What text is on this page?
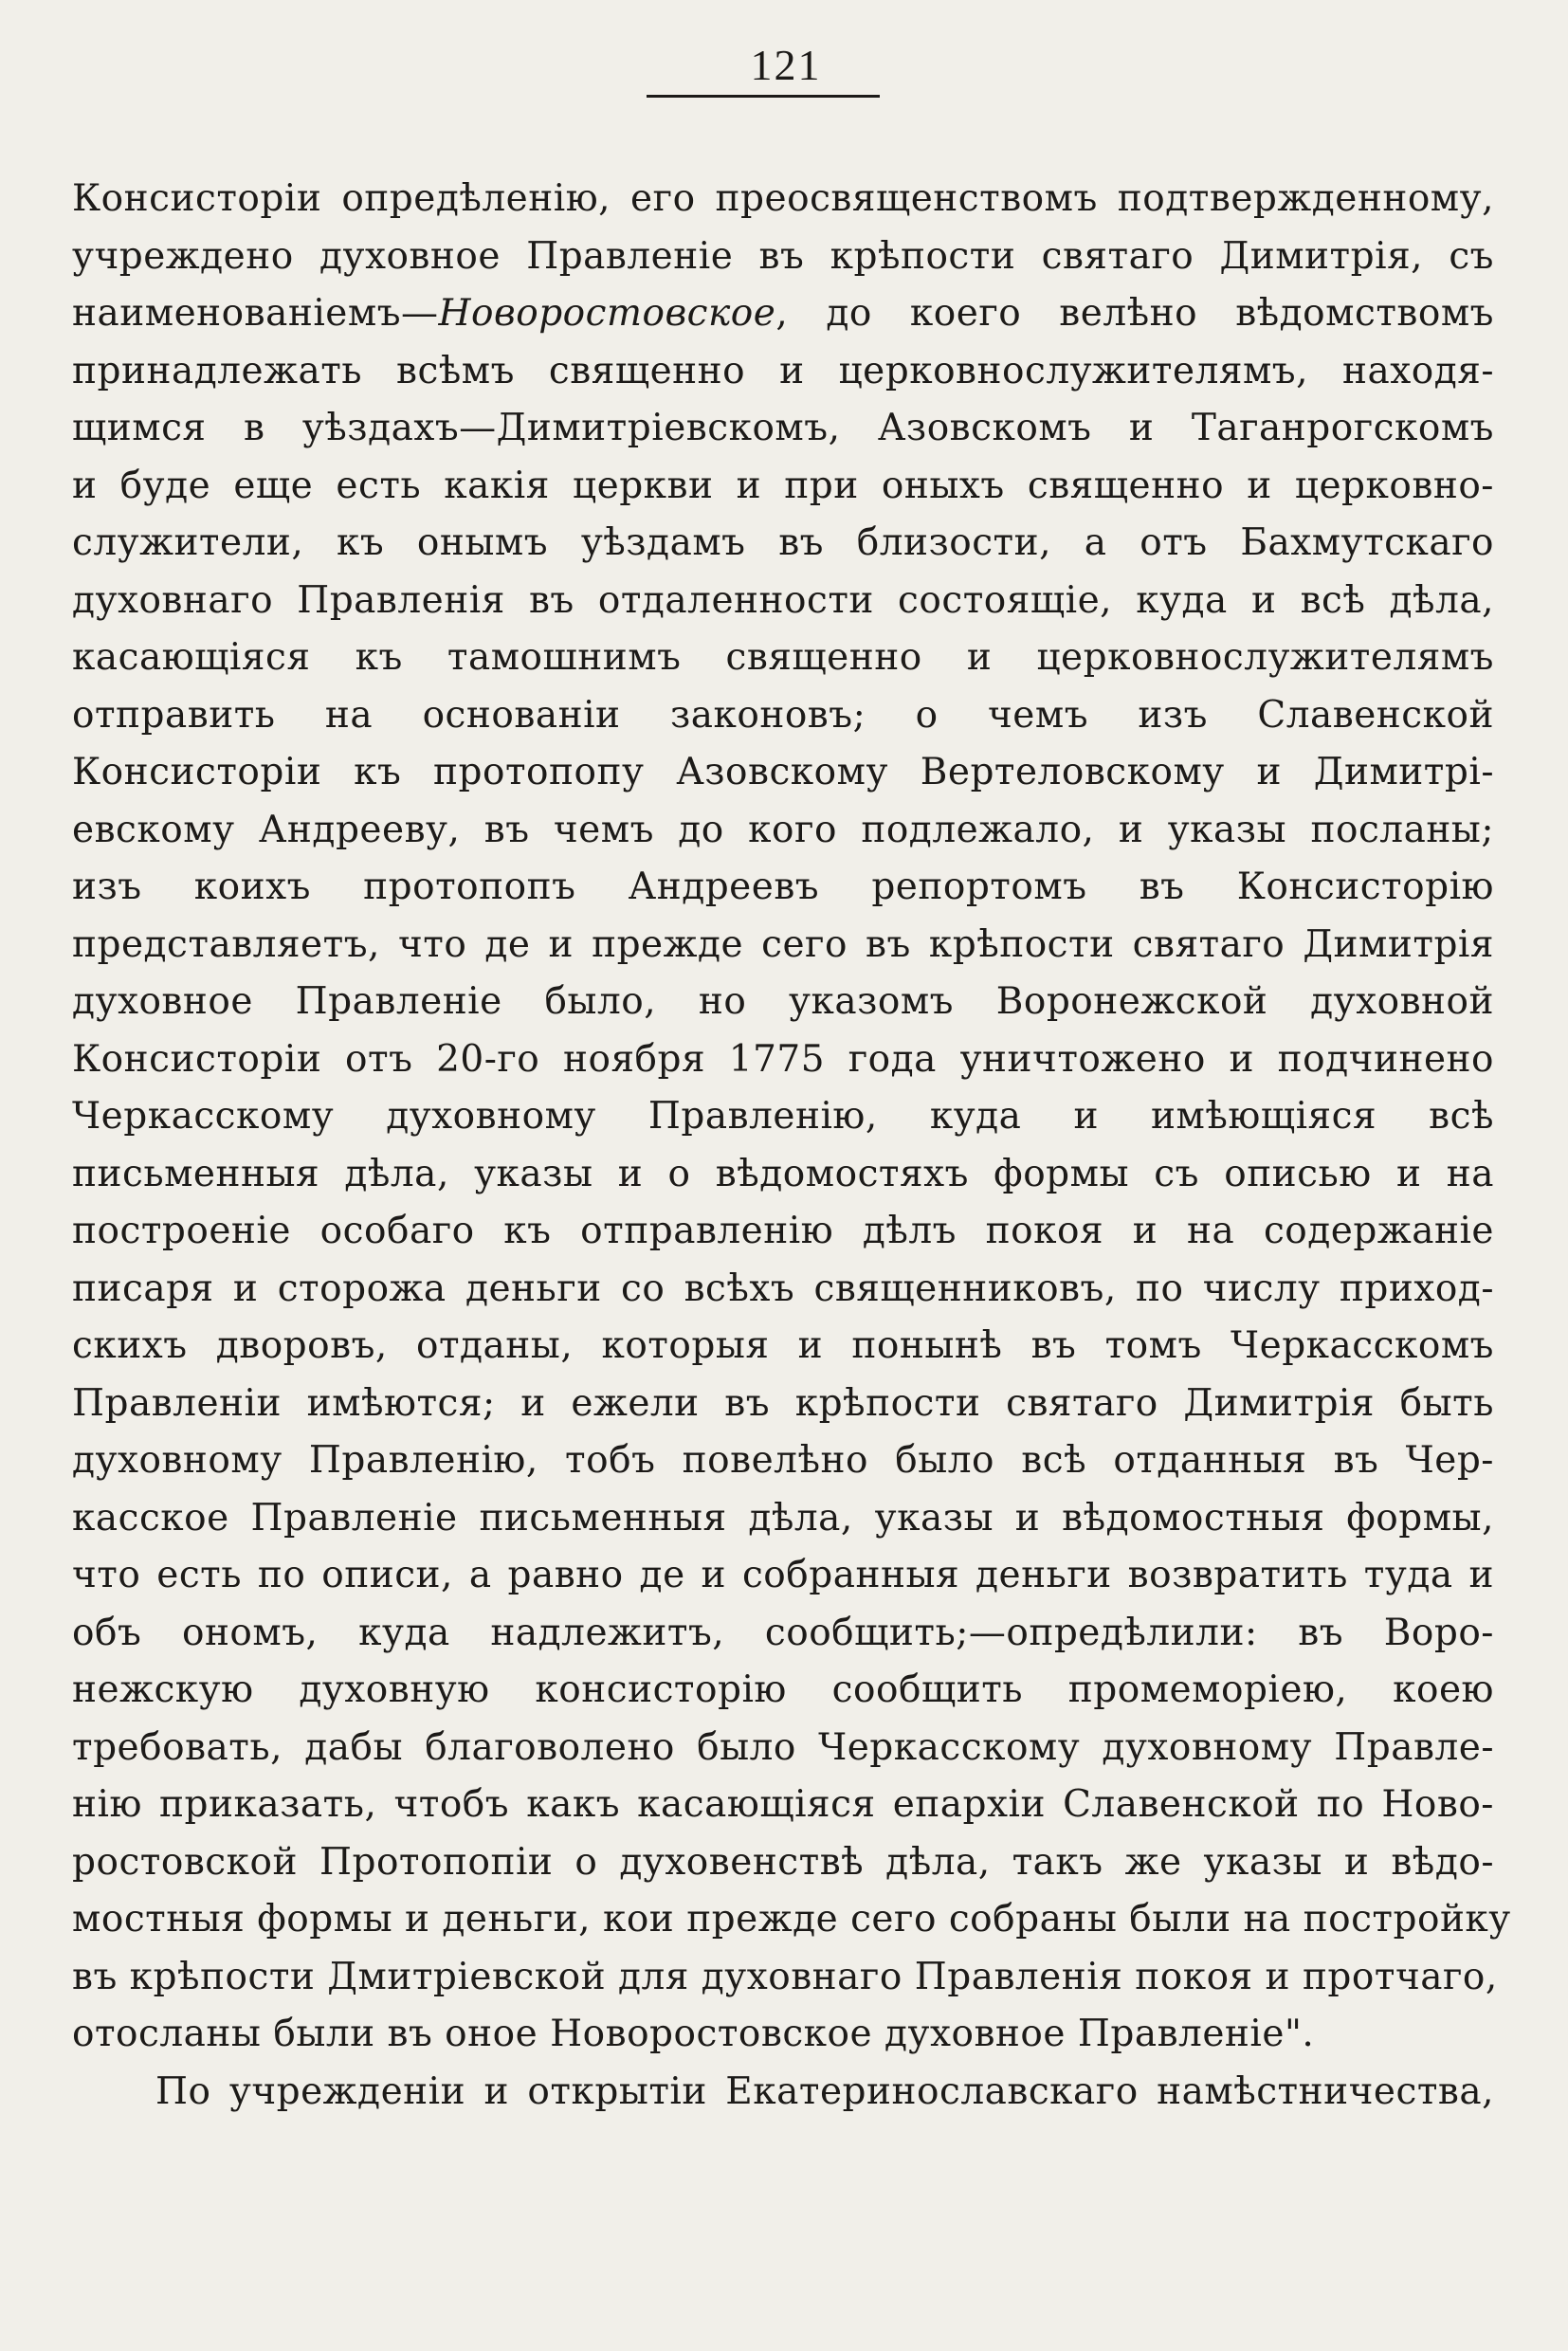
121
Консисторіи опредѣленію, его преосвященствомъ подтвержденному,
учреждено духовное Правленіе въ крѣпости святаго Димитрія, съ
наименованіемъ—Новоростовское, до коего велѣно вѣдомствомъ
принадлежать всѣмъ священно и церковнослужителямъ, находя-
щимся в уѣздахъ—Димитріевскомъ, Азовскомъ и Таганрогскомъ
и буде еще есть какія церкви и при оныхъ священно и церковно-
служители, къ онымъ уѣздамъ въ близости, а отъ Бахмутскаго
духовнаго Правленія въ отдаленности состоящіе, куда и всѣ дѣла,
касающіяся къ тамошнимъ священно и церковнослужителямъ
отправить на основаніи законовъ; о чемъ изъ Славенской
Консисторіи къ протопопу Азовскому Вертеловскому и Димитрі-
евскому Андрееву, въ чемъ до кого подлежало, и указы посланы;
изъ коихъ протопопъ Андреевъ репортомъ въ Консисторію
представляетъ, что де и прежде сего въ крѣпости святаго Димитрія
духовное Правленіе было, но указомъ Воронежской духовной
Консисторіи отъ 20-го ноября 1775 года уничтожено и подчинено
Черкасскому духовному Правленію, куда и имѣющіяся всѣ
письменныя дѣла, указы и о вѣдомостяхъ формы съ описью и на
построеніе особаго къ отправленію дѣлъ покоя и на содержаніе
писаря и сторожа деньги со всѣхъ священниковъ, по числу приход-
скихъ дворовъ, отданы, которыя и понынѣ въ томъ Черкасскомъ
Правленіи имѣются; и ежели въ крѣпости святаго Димитрія быть
духовному Правленію, тобъ повелѣно было всѣ отданныя въ Чер-
касское Правленіе письменныя дѣла, указы и вѣдомостныя формы,
что есть по описи, а равно де и собранныя деньги возвратить туда и
объ ономъ, куда надлежитъ, сообщить;—опредѣлили: въ Воро-
нежскую духовную консисторію сообщить промеморіею, коею
требовать, дабы благоволено было Черкасскому духовному Правле-
нію приказать, чтобъ какъ касающіяся епархіи Славенской по Ново-
ростовской Протопопіи о духовенствѣ дѣла, такъ же указы и вѣдо-
мостныя формы и деньги, кои прежде сего собраны были на постройку
въ крѣпости Дмитріевской для духовнаго Правленія покоя и протчаго,
отосланы были въ оное Новоростовское духовное Правленіе".
По учрежденіи и открытіи Екатеринославскаго намѣстничества,
